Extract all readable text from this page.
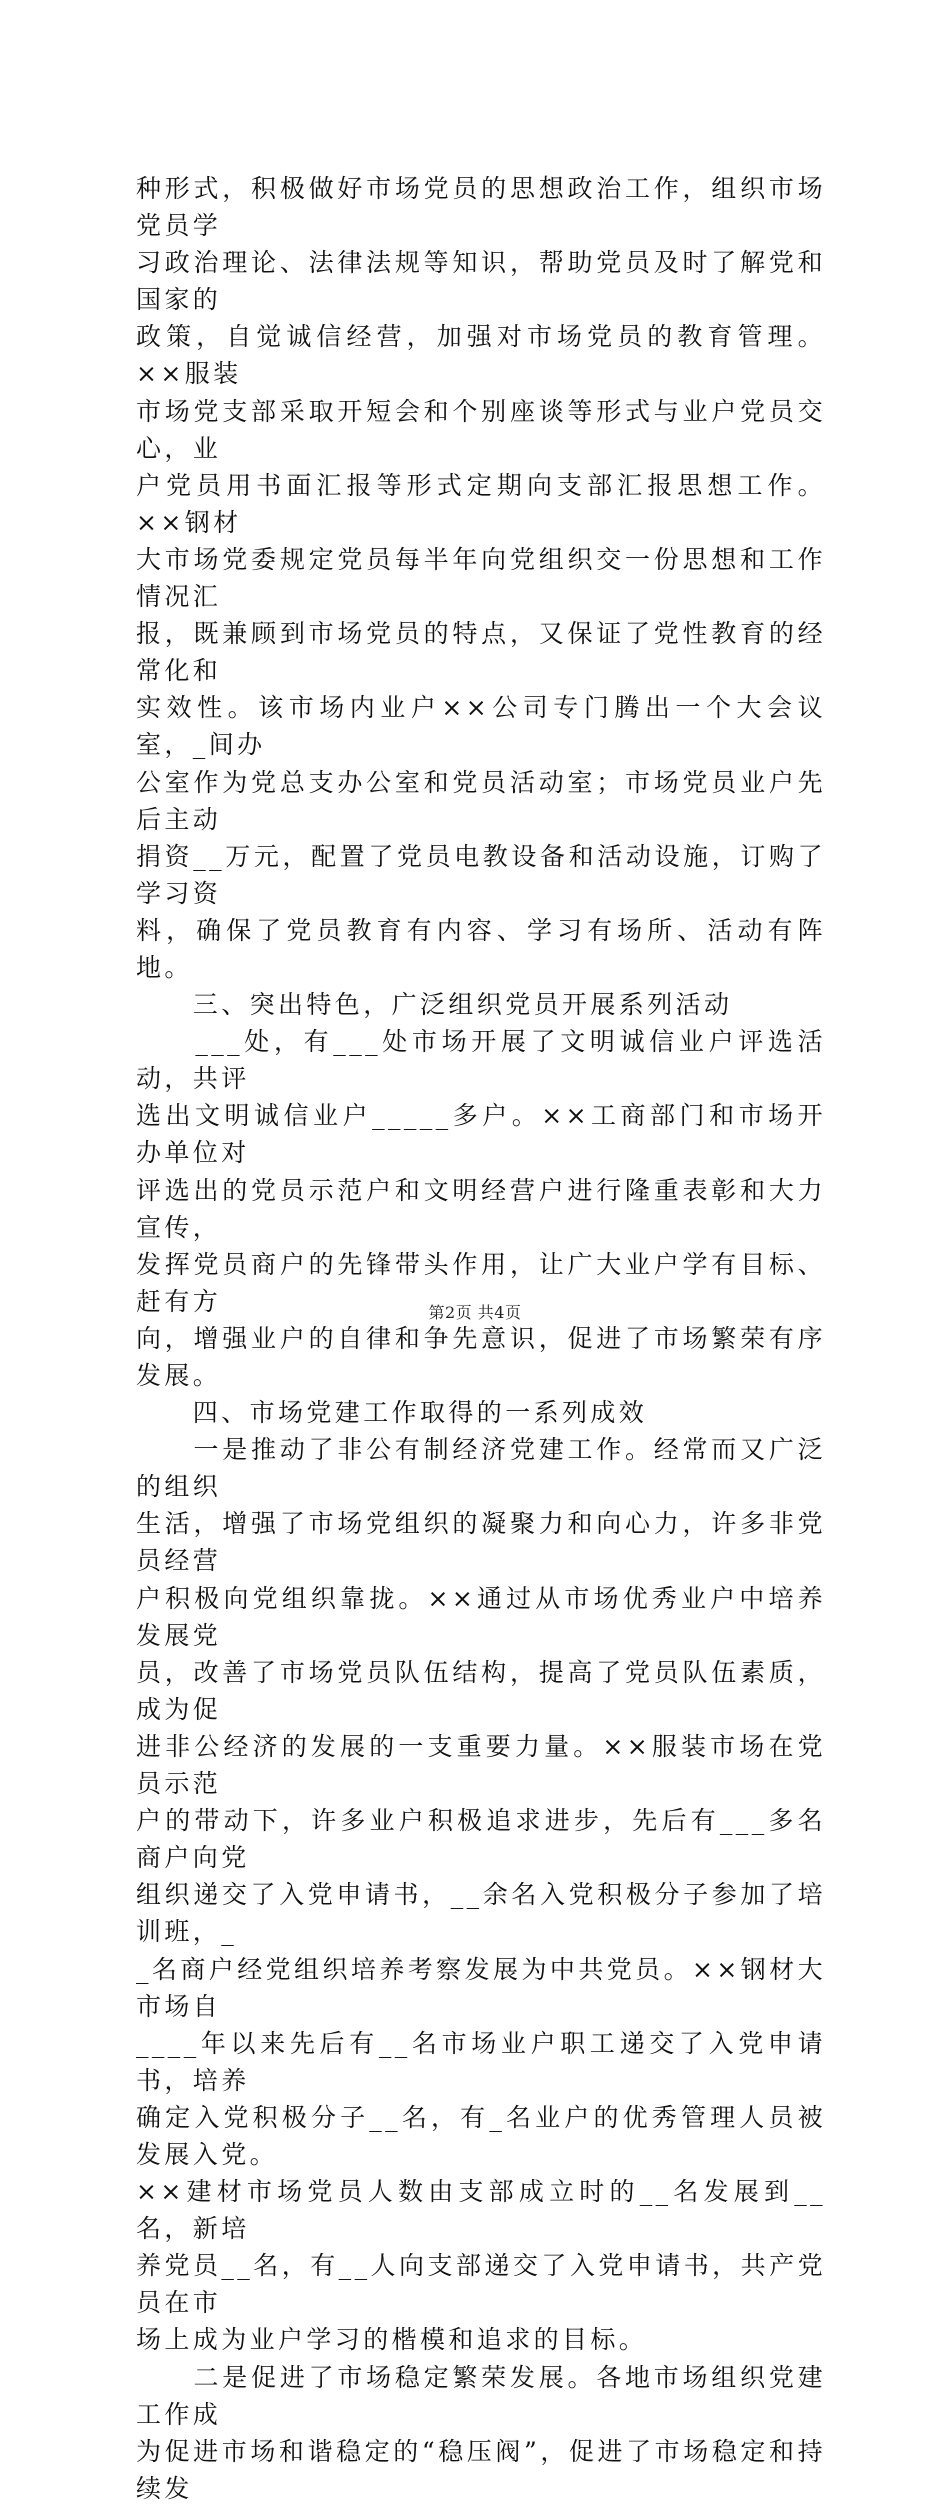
种形式，积极做好市场党员的思想政治工作，组织市场党员学

习政治理论、法律法规等知识，帮助党员及时了解党和国家的

政策，自觉诚信经营，加强对市场党员的教育管理。××服装

市场党支部采取开短会和个别座谈等形式与业户党员交心，业

户党员用书面汇报等形式定期向支部汇报思想工作。××钢材

大市场党委规定党员每半年向党组织交一份思想和工作情况汇

报，既兼顾到市场党员的特点，又保证了党性教育的经常化和

实效性。该市场内业户××公司专门腾出一个大会议室，_间办

公室作为党总支办公室和党员活动室；市场党员业户先后主动

捐资__万元，配置了党员电教设备和活动设施，订购了学习资

料，确保了党员教育有内容、学习有场所、活动有阵地。

　　三、突出特色，广泛组织党员开展系列活动

　　___处，有___处市场开展了文明诚信业户评选活动，共评

选出文明诚信业户_____多户。××工商部门和市场开办单位对

评选出的党员示范户和文明经营户进行隆重表彰和大力宣传，

发挥党员商户的先锋带头作用，让广大业户学有目标、赶有方

向，增强业户的自律和争先意识，促进了市场繁荣有序发展。

　　四、市场党建工作取得的一系列成效

　　一是推动了非公有制经济党建工作。经常而又广泛的组织

生活，增强了市场党组织的凝聚力和向心力，许多非党员经营

户积极向党组织靠拢。××通过从市场优秀业户中培养发展党

员，改善了市场党员队伍结构，提高了党员队伍素质，成为促

进非公经济的发展的一支重要力量。××服装市场在党员示范

户的带动下，许多业户积极追求进步，先后有___多名商户向党

组织递交了入党申请书，__余名入党积极分子参加了培训班，_

_名商户经党组织培养考察发展为中共党员。××钢材大市场自

____年以来先后有__名市场业户职工递交了入党申请书，培养

确定入党积极分子__名，有_名业户的优秀管理人员被发展入党。

××建材市场党员人数由支部成立时的__名发展到__名，新培

养党员__名，有__人向支部递交了入党申请书，共产党员在市

场上成为业户学习的楷模和追求的目标。

　　二是促进了市场稳定繁荣发展。各地市场组织党建工作成

为促进市场和谐稳定的“稳压阀”，促进了市场稳定和持续发

第2页 共4页
